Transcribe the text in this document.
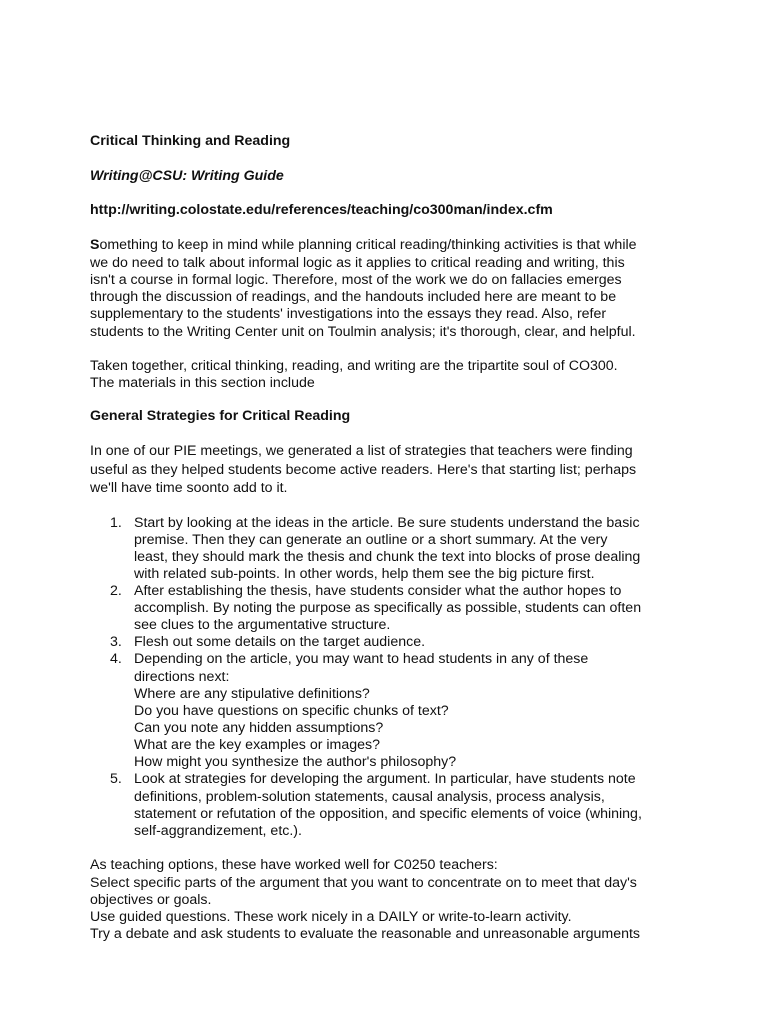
Critical Thinking and Reading
Writing@CSU: Writing Guide
http://writing.colostate.edu/references/teaching/co300man/index.cfm
Something to keep in mind while planning critical reading/thinking activities is that while
we do need to talk about informal logic as it applies to critical reading and writing, this
isn't a course in formal logic. Therefore, most of the work we do on fallacies emerges
through the discussion of readings, and the handouts included here are meant to be
supplementary to the students' investigations into the essays they read. Also, refer
students to the Writing Center unit on Toulmin analysis; it's thorough, clear, and helpful.
Taken together, critical thinking, reading, and writing are the tripartite soul of CO300.
The materials in this section include
General Strategies for Critical Reading
In one of our PIE meetings, we generated a list of strategies that teachers were finding
useful as they helped students become active readers. Here's that starting list; perhaps
we'll have time soonto add to it.
1. Start by looking at the ideas in the article. Be sure students understand the basic
premise. Then they can generate an outline or a short summary. At the very
least, they should mark the thesis and chunk the text into blocks of prose dealing
with related sub-points. In other words, help them see the big picture first.
2. After establishing the thesis, have students consider what the author hopes to
accomplish. By noting the purpose as specifically as possible, students can often
see clues to the argumentative structure.
3. Flesh out some details on the target audience.
4. Depending on the article, you may want to head students in any of these
directions next:
Where are any stipulative definitions?
Do you have questions on specific chunks of text?
Can you note any hidden assumptions?
What are the key examples or images?
How might you synthesize the author's philosophy?
5. Look at strategies for developing the argument. In particular, have students note
definitions, problem-solution statements, causal analysis, process analysis,
statement or refutation of the opposition, and specific elements of voice (whining,
self-aggrandizement, etc.).
As teaching options, these have worked well for C0250 teachers:
Select specific parts of the argument that you want to concentrate on to meet that day's
objectives or goals.
Use guided questions. These work nicely in a DAILY or write-to-learn activity.
Try a debate and ask students to evaluate the reasonable and unreasonable arguments
